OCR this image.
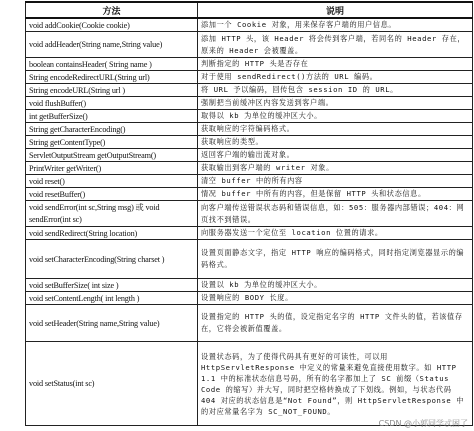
方法	说明
void addCookie(Cookie cookie)	添加一个 Cookie 对象，用来保存客户端的用户信息。
void addHeader(String name,String value)	添加 HTTP 头，该 Header 将会传到客户端，若同名的 Header 存在，原来的 Header 会被覆盖。
boolean containsHeader( String name )	判断指定的 HTTP 头是否存在
String encodeRedirectURL(String url)	对于使用 sendRedirect()方法的 URL 编码。
String encodeURL(String url )	将 URL 予以编码，回传包含 session ID 的 URL。
void flushBuffer()	强制把当前缓冲区内容发送到客户端。
int getBufferSize()	取得以 kb 为单位的缓冲区大小。
String getCharacterEncoding()	获取响应的字符编码格式。
String getContentType()	获取响应的类型。
ServletOutputStream getOutputStream()	返回客户端的输出流对象。
PrintWriter getWriter()	获取输出到客户端的 writer 对象。
void reset()	清空 buffer 中的所有内容
void resetBuffer()	情况 buffer 中所有的内容，但是保留 HTTP 头和状态信息。
void sendError(int sc,String msg) 或 void sendError(int sc)	向客户端传送错误状态码和错误信息，如：505：服务器内部错误；404：网页找不到错误。
void sendRedirect(String location)	向服务器发送一个定位至 location 位置的请求。
void setCharacterEncoding(String charset )	设置页面静态文字，指定 HTTP 响应的编码格式，同时指定浏览器显示的编码格式。
void setBufferSize( int size )	设置以 kb 为单位的缓冲区大小。
void setContentLength( int length )	设置响应的 BODY 长度。
void setHeader(String name,String value)	设置指定的 HTTP 头的值，设定指定名字的 HTTP 文件头的值，若该值存在，它将会被新值覆盖。
void setStatus(int sc)	设置状态码，为了使得代码具有更好的可读性，可以用 HttpServletResponse 中定义的常量来避免直接使用数字。如 HTTP 1.1 中的标准状态信息号码，所有的名字都加上了 SC 前缀（Status Code 的缩写）并大写，同时把空格转换成了下划线。例如，与状态代码 404 对应的状态信息是“Not Found”，则 HttpServletResponse 中的对应常量名字为 SC_NOT_FOUND。
CSDN @小郭同学忒困了
